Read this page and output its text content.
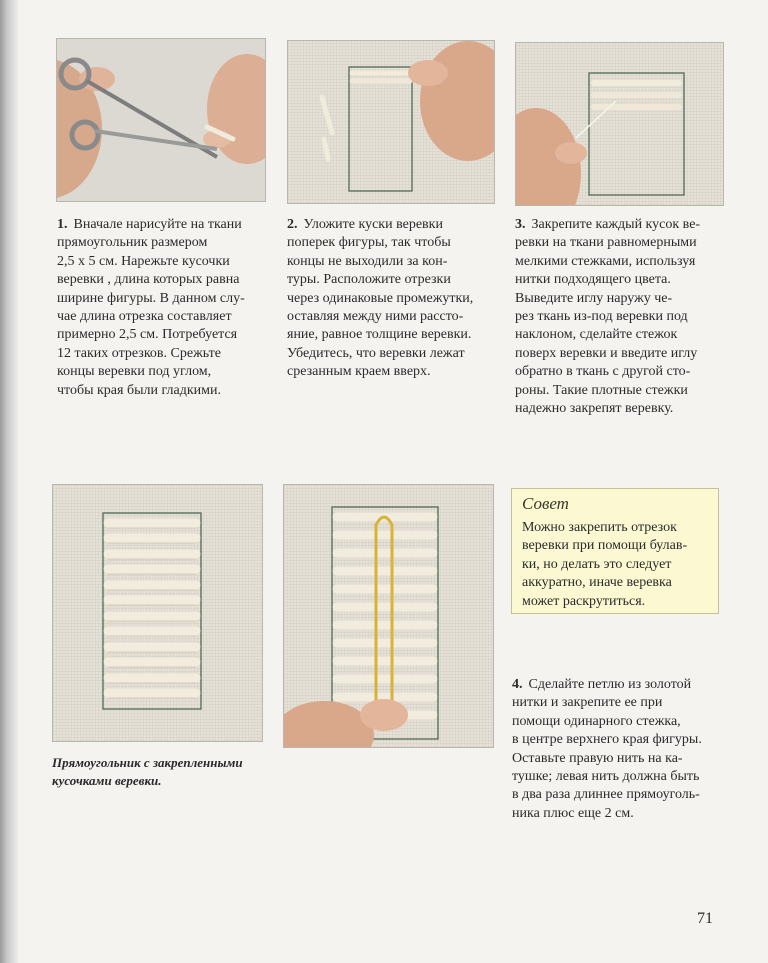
1. Вначале нарисуйте на ткани
прямоугольник размером
2,5 х 5 см. Нарежьте кусочки
веревки , длина которых равна
ширине фигуры. В данном слу-
чае длина отрезка составляет
примерно 2,5 см. Потребуется
12 таких отрезков. Срежьте
концы веревки под углом,
чтобы края были гладкими.

2. Уложите куски веревки
поперек фигуры, так чтобы
концы не выходили за кон-
туры. Расположите отрезки
через одинаковые промежутки,
оставляя между ними рассто-
яние, равное толщине веревки.
Убедитесь, что веревки лежат
срезанным краем вверх.

3. Закрепите каждый кусок ве-
ревки на ткани равномерными
мелкими стежками, используя
нитки подходящего цвета.
Выведите иглу наружу че-
рез ткань из-под веревки под
наклоном, сделайте стежок
поверх веревки и введите иглу
обратно в ткань с другой сто-
роны. Такие плотные стежки
надежно закрепят веревку.

Совет

Можно закрепить отрезок
веревки при помощи булав-
ки, но делать это следует
аккуратно, иначе веревка
может раскрутиться.

4. Сделайте петлю из золотой
нитки и закрепите ее при
помощи одинарного стежка,
в центре верхнего края фигуры.
Оставьте правую нить на ка-
тушке; левая нить должна быть
в два раза длиннее прямоуголь-
ника плюс еще 2 см.

Прямоугольник с закрепленными
кусочками веревки.

71
